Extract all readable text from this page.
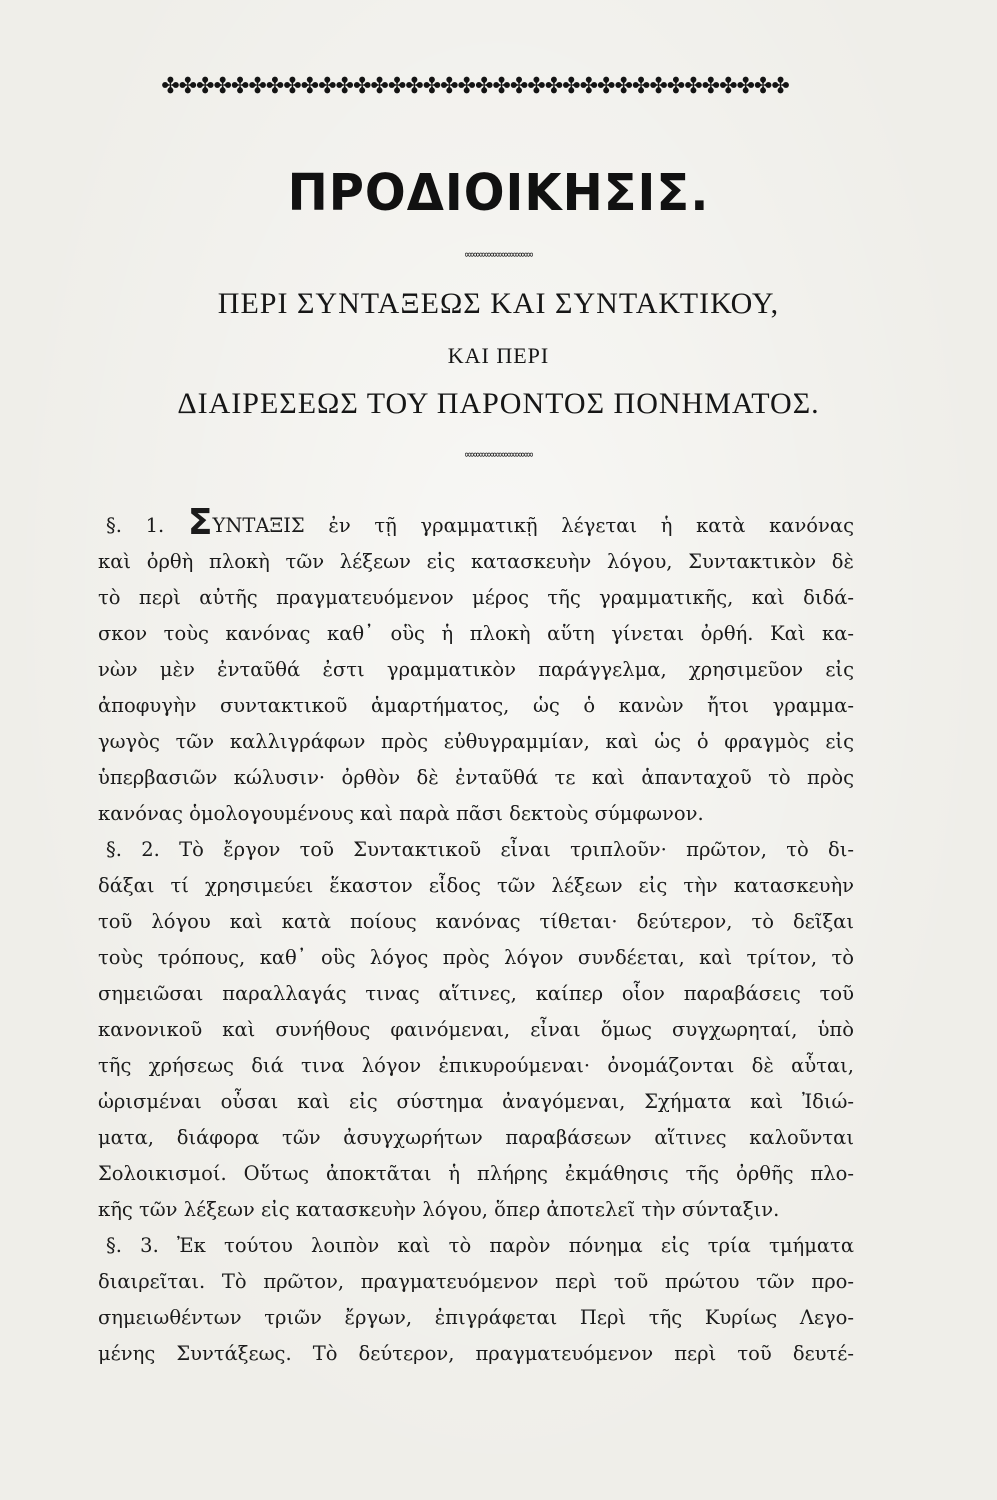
✤✤✤✤✤✤✤✤✤✤✤✤✤✤✤✤✤✤✤✤✤✤✤✤✤✤✤✤✤✤✤✤✤✤✤✤
ΠΡΟΔΙΟΙΚΗΣΙΣ.
∞∞∞∞∞∞∞∞∞∞∞∞
ΠΕΡΙ ΣΥΝΤΑΞΕΩΣ ΚΑΙ ΣΥΝΤΑΚΤΙΚΟΥ,
ΚΑΙ ΠΕΡΙ
ΔΙΑΙΡΕΣΕΩΣ ΤΟΥ ΠΑΡΟΝΤΟΣ ΠΟΝΗΜΑΤΟΣ.
∞∞∞∞∞∞∞∞∞∞∞∞
§. 1. ΣΥΝΤΑΞΙΣ ἐν τῇ γραμματικῇ λέγεται ἡ κατὰ κανόνας
καὶ ὀρθὴ πλοκὴ τῶν λέξεων εἰς κατασκευὴν λόγου, Συντακτικὸν δὲ
τὸ περὶ αὐτῆς πραγματευόμενον μέρος τῆς γραμματικῆς, καὶ διδά-
σκον τοὺς κανόνας καθ᾿ οὓς ἡ πλοκὴ αὕτη γίνεται ὀρθή. Καὶ κα-
νὼν μὲν ἐνταῦθά ἐστι γραμματικὸν παράγγελμα, χρησιμεῦον εἰς
ἀποφυγὴν συντακτικοῦ ἁμαρτήματος, ὡς ὁ κανὼν ἤτοι γραμμα-
γωγὸς τῶν καλλιγράφων πρὸς εὐθυγραμμίαν, καὶ ὡς ὁ φραγμὸς εἰς
ὑπερβασιῶν κώλυσιν· ὀρθὸν δὲ ἐνταῦθά τε καὶ ἁπανταχοῦ τὸ πρὸς
κανόνας ὁμολογουμένους καὶ παρὰ πᾶσι δεκτοὺς σύμφωνον.
§. 2. Τὸ ἔργον τοῦ Συντακτικοῦ εἶναι τριπλοῦν· πρῶτον, τὸ δι-
δάξαι τί χρησιμεύει ἕκαστον εἶδος τῶν λέξεων εἰς τὴν κατασκευὴν
τοῦ λόγου καὶ κατὰ ποίους κανόνας τίθεται· δεύτερον, τὸ δεῖξαι
τοὺς τρόπους, καθ᾿ οὓς λόγος πρὸς λόγον συνδέεται, καὶ τρίτον, τὸ
σημειῶσαι παραλλαγάς τινας αἵτινες, καίπερ οἷον παραβάσεις τοῦ
κανονικοῦ καὶ συνήθους φαινόμεναι, εἶναι ὅμως συγχωρηταί, ὑπὸ
τῆς χρήσεως διά τινα λόγον ἐπικυρούμεναι· ὀνομάζονται δὲ αὗται,
ὡρισμέναι οὖσαι καὶ εἰς σύστημα ἀναγόμεναι, Σχήματα καὶ Ἰδιώ-
ματα, διάφορα τῶν ἀσυγχωρήτων παραβάσεων αἵτινες καλοῦνται
Σολοικισμοί. Οὕτως ἀποκτᾶται ἡ πλήρης ἐκμάθησις τῆς ὀρθῆς πλο-
κῆς τῶν λέξεων εἰς κατασκευὴν λόγου, ὅπερ ἀποτελεῖ τὴν σύνταξιν.
§. 3. Ἐκ τούτου λοιπὸν καὶ τὸ παρὸν πόνημα εἰς τρία τμήματα
διαιρεῖται. Τὸ πρῶτον, πραγματευόμενον περὶ τοῦ πρώτου τῶν προ-
σημειωθέντων τριῶν ἔργων, ἐπιγράφεται Περὶ τῆς Κυρίως Λεγο-
μένης Συντάξεως. Τὸ δεύτερον, πραγματευόμενον περὶ τοῦ δευτέ-
